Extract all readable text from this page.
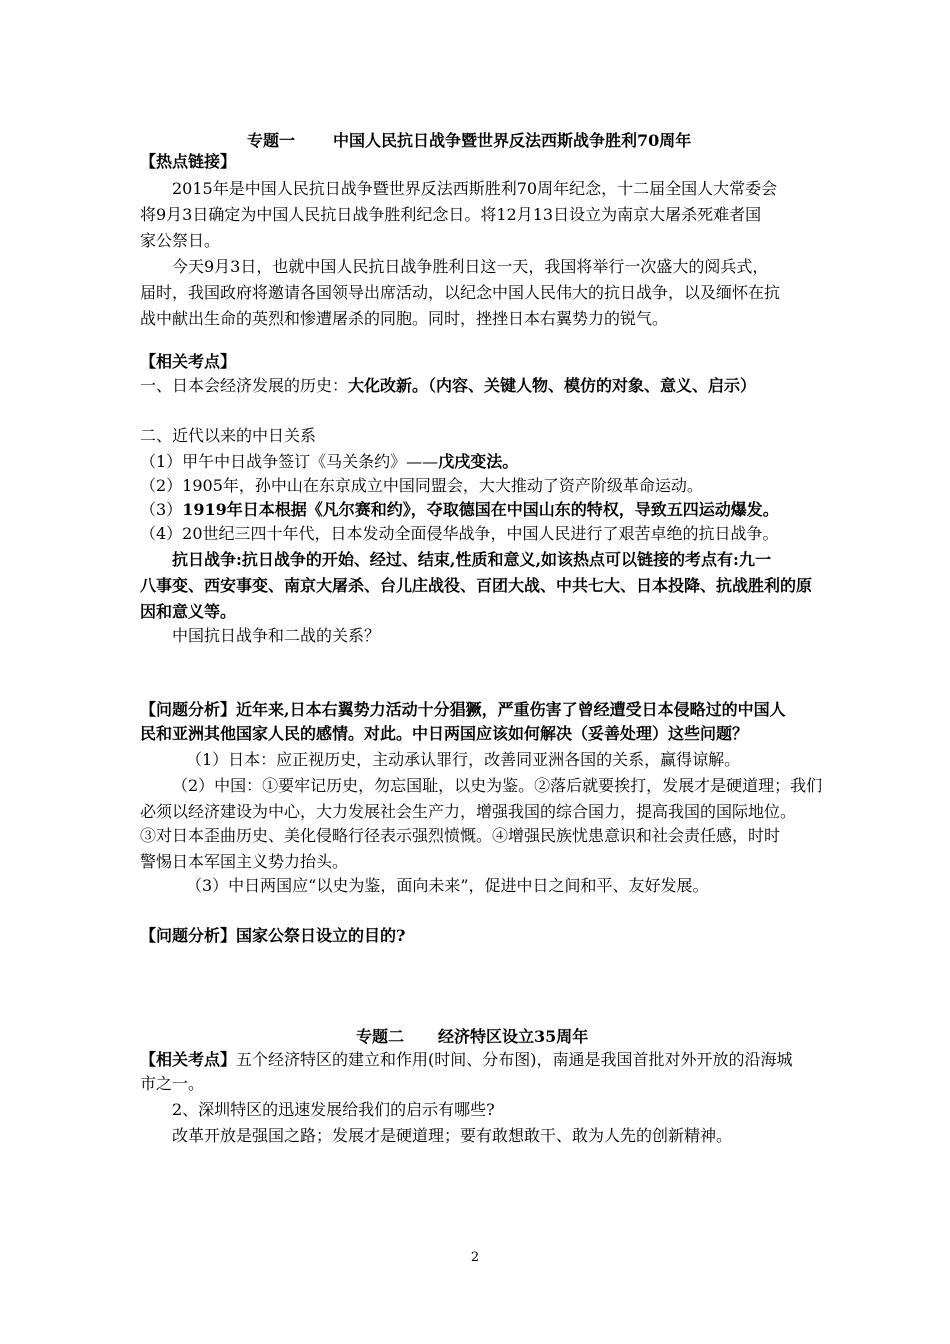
专题一 中国人民抗日战争暨世界反法西斯战争胜利70周年
【热点链接】
2015年是中国人民抗日战争暨世界反法西斯胜利70周年纪念，十二届全国人大常委会
将9月3日确定为中国人民抗日战争胜利纪念日。将12月13日设立为南京大屠杀死难者国
家公祭日。
今天9月3日，也就中国人民抗日战争胜利日这一天，我国将举行一次盛大的阅兵式，
届时，我国政府将邀请各国领导出席活动，以纪念中国人民伟大的抗日战争，以及缅怀在抗
战中献出生命的英烈和惨遭屠杀的同胞。同时，挫挫日本右翼势力的锐气。
【相关考点】
一、日本会经济发展的历史：大化改新。（内容、关键人物、模仿的对象、意义、启示）
二、近代以来的中日关系
（1）甲午中日战争签订《马关条约》——戊戌变法。
（2）1905年，孙中山在东京成立中国同盟会，大大推动了资产阶级革命运动。
（3）1919年日本根据《凡尔赛和约》，夺取德国在中国山东的特权，导致五四运动爆发。
（4）20世纪三四十年代，日本发动全面侵华战争，中国人民进行了艰苦卓绝的抗日战争。
抗日战争:抗日战争的开始、经过、结束,性质和意义,如该热点可以链接的考点有:九一
八事变、西安事变、南京大屠杀、台儿庄战役、百团大战、中共七大、日本投降、抗战胜利的原
因和意义等。
中国抗日战争和二战的关系？
【问题分析】近年来,日本右翼势力活动十分猖獗，严重伤害了曾经遭受日本侵略过的中国人
民和亚洲其他国家人民的感情。对此。中日两国应该如何解决（妥善处理）这些问题？
（1）日本：应正视历史，主动承认罪行，改善同亚洲各国的关系，赢得谅解。
（2）中国：①要牢记历史，勿忘国耻，以史为鉴。②落后就要挨打，发展才是硬道理；我们
必须以经济建设为中心，大力发展社会生产力，增强我国的综合国力，提高我国的国际地位。
③对日本歪曲历史、美化侵略行径表示强烈愤慨。④增强民族忧患意识和社会责任感，时时
警惕日本军国主义势力抬头。
（3）中日两国应“以史为鉴，面向未来”，促进中日之间和平、友好发展。
【问题分析】国家公祭日设立的目的?
专题二 经济特区设立35周年
【相关考点】五个经济特区的建立和作用(时间、分布图)，南通是我国首批对外开放的沿海城
市之一。
2、深圳特区的迅速发展给我们的启示有哪些?
改革开放是强国之路；发展才是硬道理；要有敢想敢干、敢为人先的创新精神。
2
